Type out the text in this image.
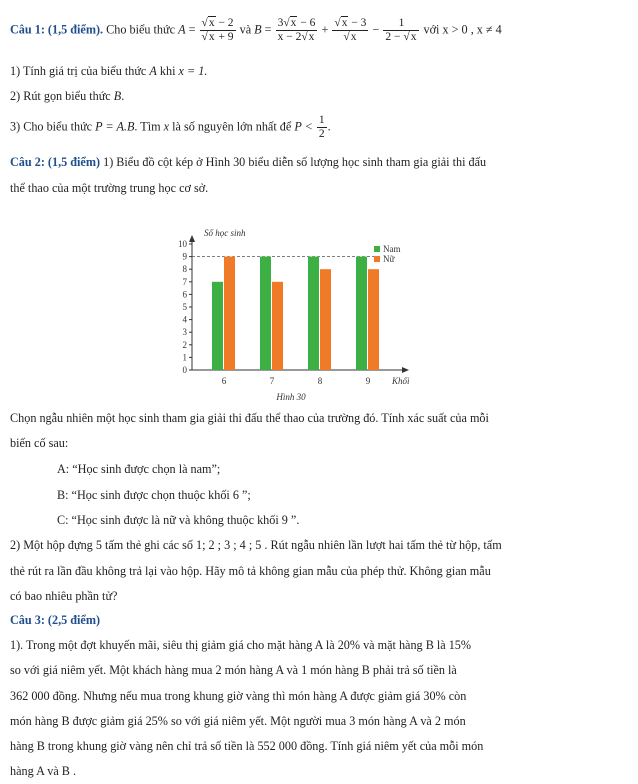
Câu 1: (1,5 điểm). Cho biểu thức $A = \frac{√x - 2}{√x + 9}$ và $B = \frac{3√x - 6}{x - 2√x} + \frac{√x - 3}{√x} - \frac{1}{2 - √x}$ với x > 0 , x ≠ 4
1) Tính giá trị của biểu thức A khi x = 1.
2) Rút gọn biểu thức B.
3) Cho biểu thức P = A.B. Tìm x là số nguyên lớn nhất để $P < \frac{1}{2}$ .
Câu 2: (1,5 điểm) 1) Biểu đồ cột kép ở Hình 30 biểu diễn số lượng học sinh tham gia giải thi đấu
thể thao của một trường trung học cơ sở.
0
1
2
3
4
5
6
7
8
9
10
6	7	8	9
Số học sinh
Khối
Hình 30
Nam
Nữ
Chọn ngẫu nhiên một học sinh tham gia giải thi đấu thể thao của trường đó. Tính xác suất của mỗi
biến cố sau:
A: “Học sinh được chọn là nam”;
B: “Học sinh được chọn thuộc khối 6 ”;
C: “Học sinh được là nữ và không thuộc khối 9 ”.
2) Một hộp đựng 5 tấm thẻ ghi các số 1; 2 ; 3 ; 4 ; 5 . Rút ngẫu nhiên lần lượt hai tấm thẻ từ hộp, tấm
thẻ rút ra lần đầu không trả lại vào hộp. Hãy mô tả không gian mẫu của phép thử. Không gian mẫu
có bao nhiêu phần tử?
Câu 3: (2,5 điểm)
1). Trong một đợt khuyến mãi, siêu thị giảm giá cho mặt hàng A là 20% và mặt hàng B là 15%
so với giá niêm yết. Một khách hàng mua 2 món hàng A và 1 món hàng B phải trả số tiền là
362 000 đồng. Nhưng nếu mua trong khung giờ vàng thì món hàng A được giảm giá 30% còn
món hàng B được giảm giá 25% so với giá niêm yết. Một người mua 3 món hàng A và 2 món
hàng B trong khung giờ vàng nên chỉ trả số tiền là 552 000 đồng. Tính giá niêm yết của mỗi món
hàng A và B .
